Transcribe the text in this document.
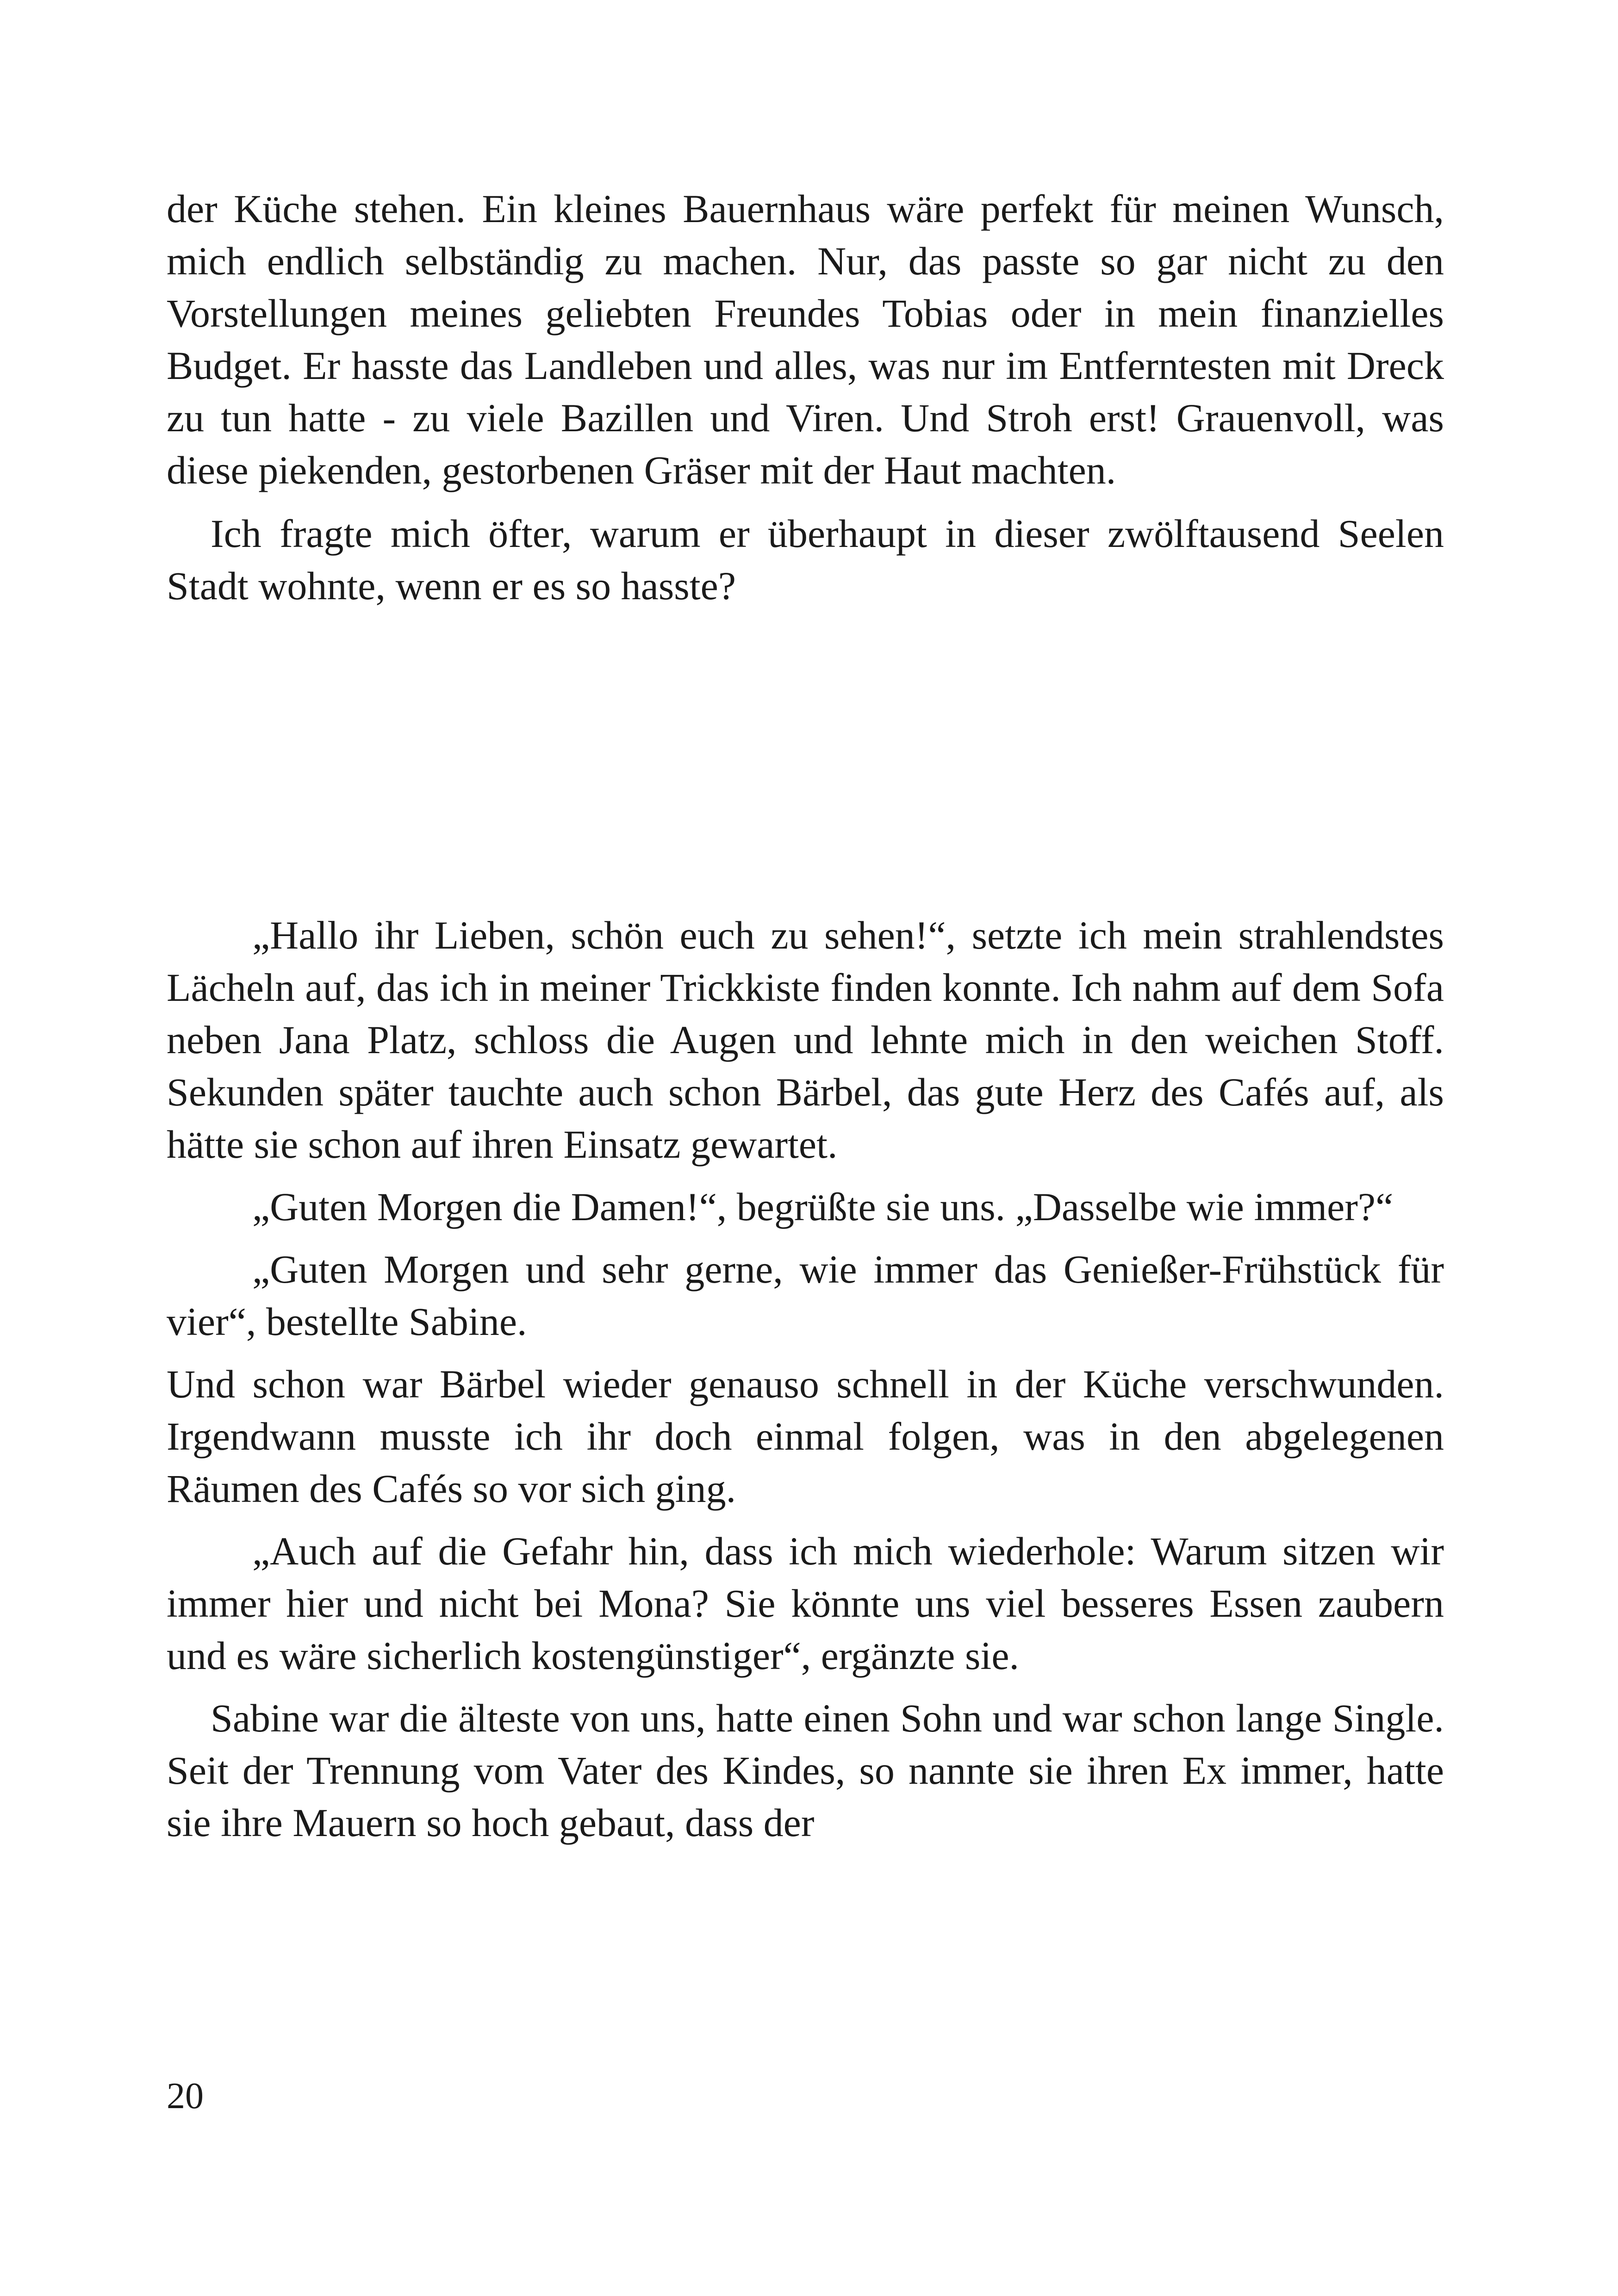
der Küche stehen. Ein kleines Bauernhaus wäre perfekt für meinen Wunsch, mich endlich selbständig zu machen. Nur, das passte so gar nicht zu den Vorstellungen meines geliebten Freundes Tobias oder in mein finanzielles Budget. Er hasste das Landleben und alles, was nur im Entferntesten mit Dreck zu tun hatte - zu viele Bazillen und Viren. Und Stroh erst! Grauenvoll, was diese piekenden, gestorbenen Gräser mit der Haut machten.

Ich fragte mich öfter, warum er überhaupt in dieser zwölftausend Seelen Stadt wohnte, wenn er es so hasste?

„Hallo ihr Lieben, schön euch zu sehen!“, setzte ich mein strahlendstes Lächeln auf, das ich in meiner Trickkiste finden konnte. Ich nahm auf dem Sofa neben Jana Platz, schloss die Augen und lehnte mich in den weichen Stoff. Sekunden später tauchte auch schon Bärbel, das gute Herz des Cafés auf, als hätte sie schon auf ihren Einsatz gewartet.

„Guten Morgen die Damen!“, begrüßte sie uns. „Dasselbe wie immer?“

„Guten Morgen und sehr gerne, wie immer das Genießer-Frühstück für vier“, bestellte Sabine.

Und schon war Bärbel wieder genauso schnell in der Küche verschwunden. Irgendwann musste ich ihr doch einmal folgen, was in den abgelegenen Räumen des Cafés so vor sich ging.

„Auch auf die Gefahr hin, dass ich mich wiederhole: Warum sitzen wir immer hier und nicht bei Mona? Sie könnte uns viel besseres Essen zaubern und es wäre sicherlich kostengünstiger“, ergänzte sie.

Sabine war die älteste von uns, hatte einen Sohn und war schon lange Single. Seit der Trennung vom Vater des Kindes, so nannte sie ihren Ex immer, hatte sie ihre Mauern so hoch gebaut, dass der

20
